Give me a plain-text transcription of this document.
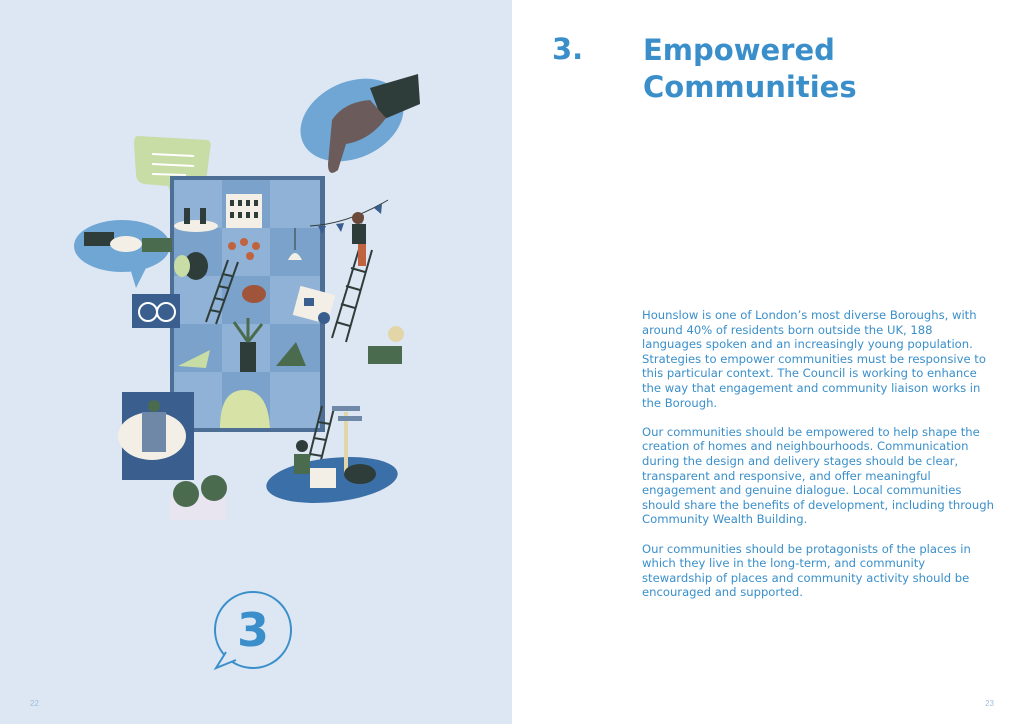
3
22
3. Empowered
Communities

Hounslow is one of London’s most diverse Boroughs, with around 40% of residents born outside the UK, 188 languages spoken and an increasingly young population. Strategies to empower communities must be responsive to this particular context. The Council is working to enhance the way that engagement and community liaison works in the Borough.

Our communities should be empowered to help shape the creation of homes and neighbourhoods. Communication during the design and delivery stages should be clear, transparent and responsive, and offer meaningful engagement and genuine dialogue. Local communities should share the benefits of development, including through Community Wealth Building.

Our communities should be protagonists of the places in which they live in the long-term, and community stewardship of places and community activity should be encouraged and supported.

23
